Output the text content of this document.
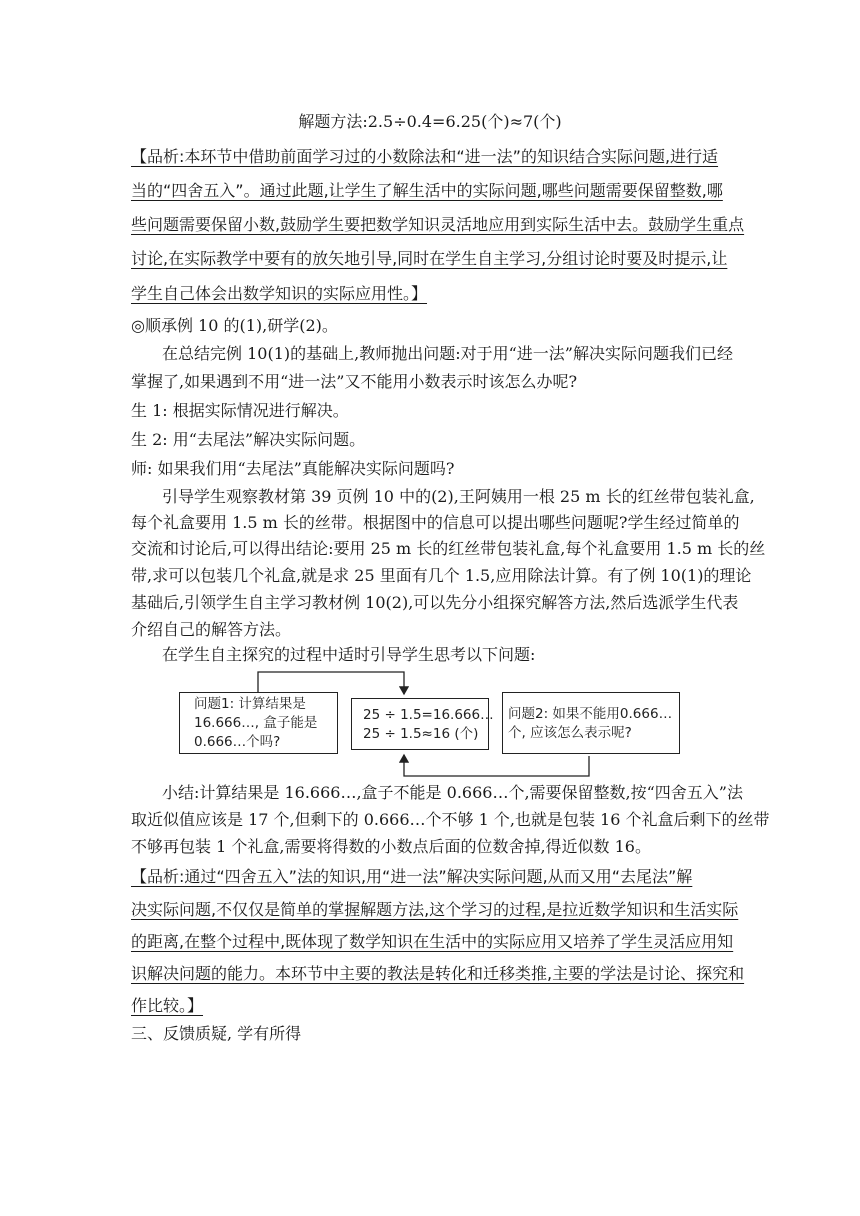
解题方法:2.5÷0.4=6.25(个)≈7(个)
【品析:本环节中借助前面学习过的小数除法和“进一法”的知识结合实际问题,进行适
当的“四舍五入”。通过此题,让学生了解生活中的实际问题,哪些问题需要保留整数,哪
些问题需要保留小数,鼓励学生要把数学知识灵活地应用到实际生活中去。鼓励学生重点
讨论,在实际教学中要有的放矢地引导,同时在学生自主学习,分组讨论时要及时提示,让
学生自己体会出数学知识的实际应用性。】
◎顺承例 10 的(1),研学(2)。
在总结完例 10(1)的基础上,教师抛出问题:对于用“进一法”解决实际问题我们已经
掌握了,如果遇到不用“进一法”又不能用小数表示时该怎么办呢?
生 1: 根据实际情况进行解决。
生 2: 用“去尾法”解决实际问题。
师: 如果我们用“去尾法”真能解决实际问题吗?
引导学生观察教材第 39 页例 10 中的(2),王阿姨用一根 25 m 长的红丝带包装礼盒,
每个礼盒要用 1.5 m 长的丝带。根据图中的信息可以提出哪些问题呢?学生经过简单的
交流和讨论后,可以得出结论:要用 25 m 长的红丝带包装礼盒,每个礼盒要用 1.5 m 长的丝
带,求可以包装几个礼盒,就是求 25 里面有几个 1.5,应用除法计算。有了例 10(1)的理论
基础后,引领学生自主学习教材例 10(2),可以先分小组探究解答方法,然后选派学生代表
介绍自己的解答方法。
在学生自主探究的过程中适时引导学生思考以下问题:
问题1: 计算结果是
16.666…, 盒子能是
0.666…个吗?
25 ÷ 1.5=16.666…
25 ÷ 1.5≈16 (个)
问题2: 如果不能用0.666…
个, 应该怎么表示呢?
小结:计算结果是 16.666…,盒子不能是 0.666…个,需要保留整数,按“四舍五入”法
取近似值应该是 17 个,但剩下的 0.666…个不够 1 个,也就是包装 16 个礼盒后剩下的丝带
不够再包装 1 个礼盒,需要将得数的小数点后面的位数舍掉,得近似数 16。
【品析:通过“四舍五入”法的知识,用“进一法”解决实际问题,从而又用“去尾法”解
决实际问题,不仅仅是简单的掌握解题方法,这个学习的过程,是拉近数学知识和生活实际
的距离,在整个过程中,既体现了数学知识在生活中的实际应用又培养了学生灵活应用知
识解决问题的能力。本环节中主要的教法是转化和迁移类推,主要的学法是讨论、探究和
作比较。】
三、反馈质疑, 学有所得
